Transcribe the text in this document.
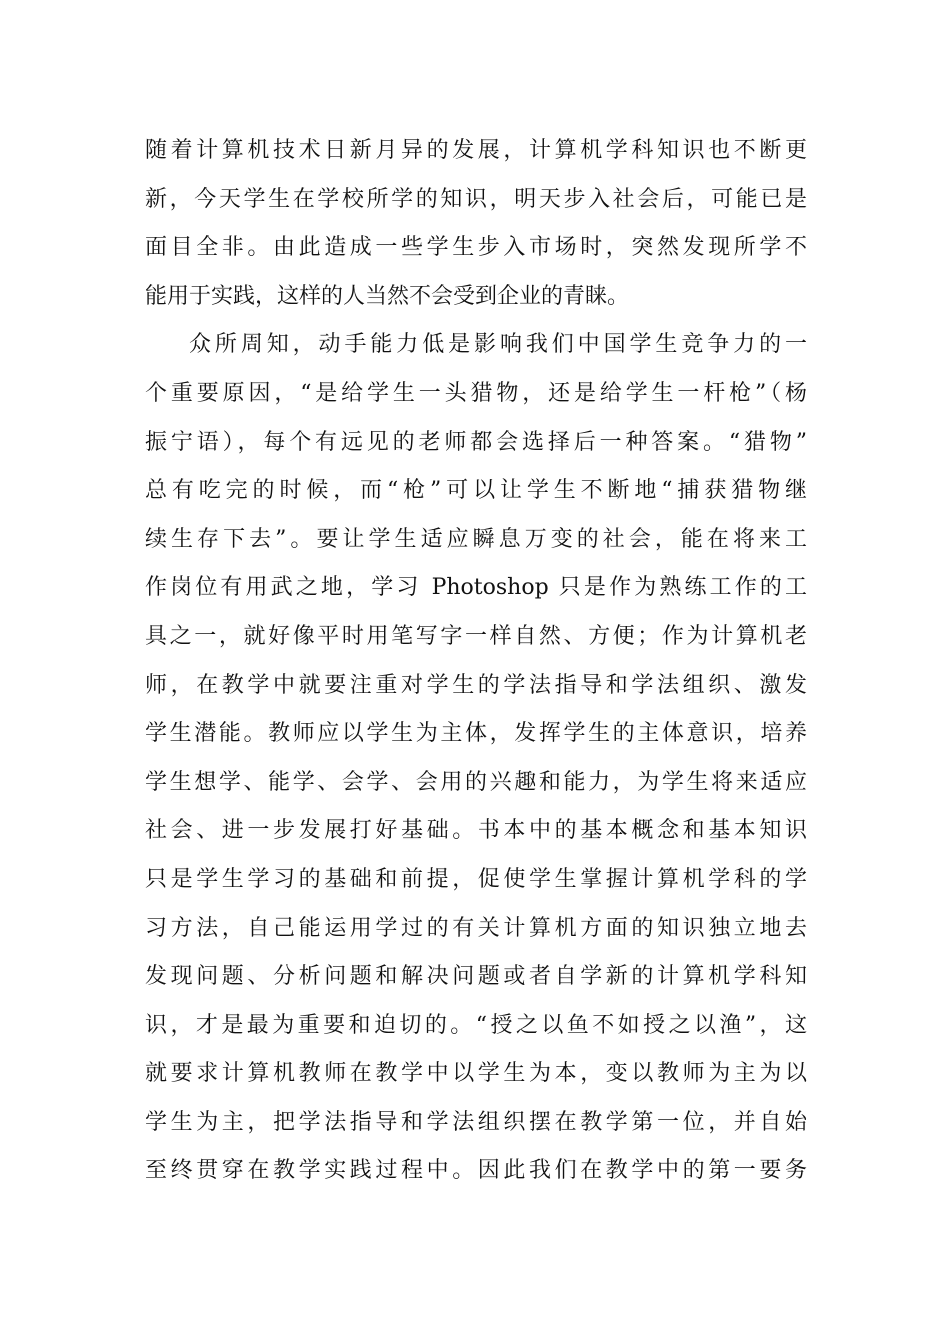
随着计算机技术日新月异的发展，计算机学科知识也不断更
新，今天学生在学校所学的知识，明天步入社会后，可能已是
面目全非。由此造成一些学生步入市场时，突然发现所学不
能用于实践，这样的人当然不会受到企业的青睐。
众所周知，动手能力低是影响我们中国学生竞争力的一
个重要原因，“是给学生一头猎物，还是给学生一杆枪”（杨
振宁语），每个有远见的老师都会选择后一种答案。“猎物”
总有吃完的时候，而“枪”可以让学生不断地“捕获猎物继
续生存下去”。要让学生适应瞬息万变的社会，能在将来工
作岗位有用武之地，学习 Photoshop 只是作为熟练工作的工
具之一，就好像平时用笔写字一样自然、方便；作为计算机老
师，在教学中就要注重对学生的学法指导和学法组织、激发
学生潜能。教师应以学生为主体，发挥学生的主体意识，培养
学生想学、能学、会学、会用的兴趣和能力，为学生将来适应
社会、进一步发展打好基础。书本中的基本概念和基本知识
只是学生学习的基础和前提，促使学生掌握计算机学科的学
习方法，自己能运用学过的有关计算机方面的知识独立地去
发现问题、分析问题和解决问题或者自学新的计算机学科知
识，才是最为重要和迫切的。“授之以鱼不如授之以渔”，这
就要求计算机教师在教学中以学生为本，变以教师为主为以
学生为主，把学法指导和学法组织摆在教学第一位，并自始
至终贯穿在教学实践过程中。因此我们在教学中的第一要务
